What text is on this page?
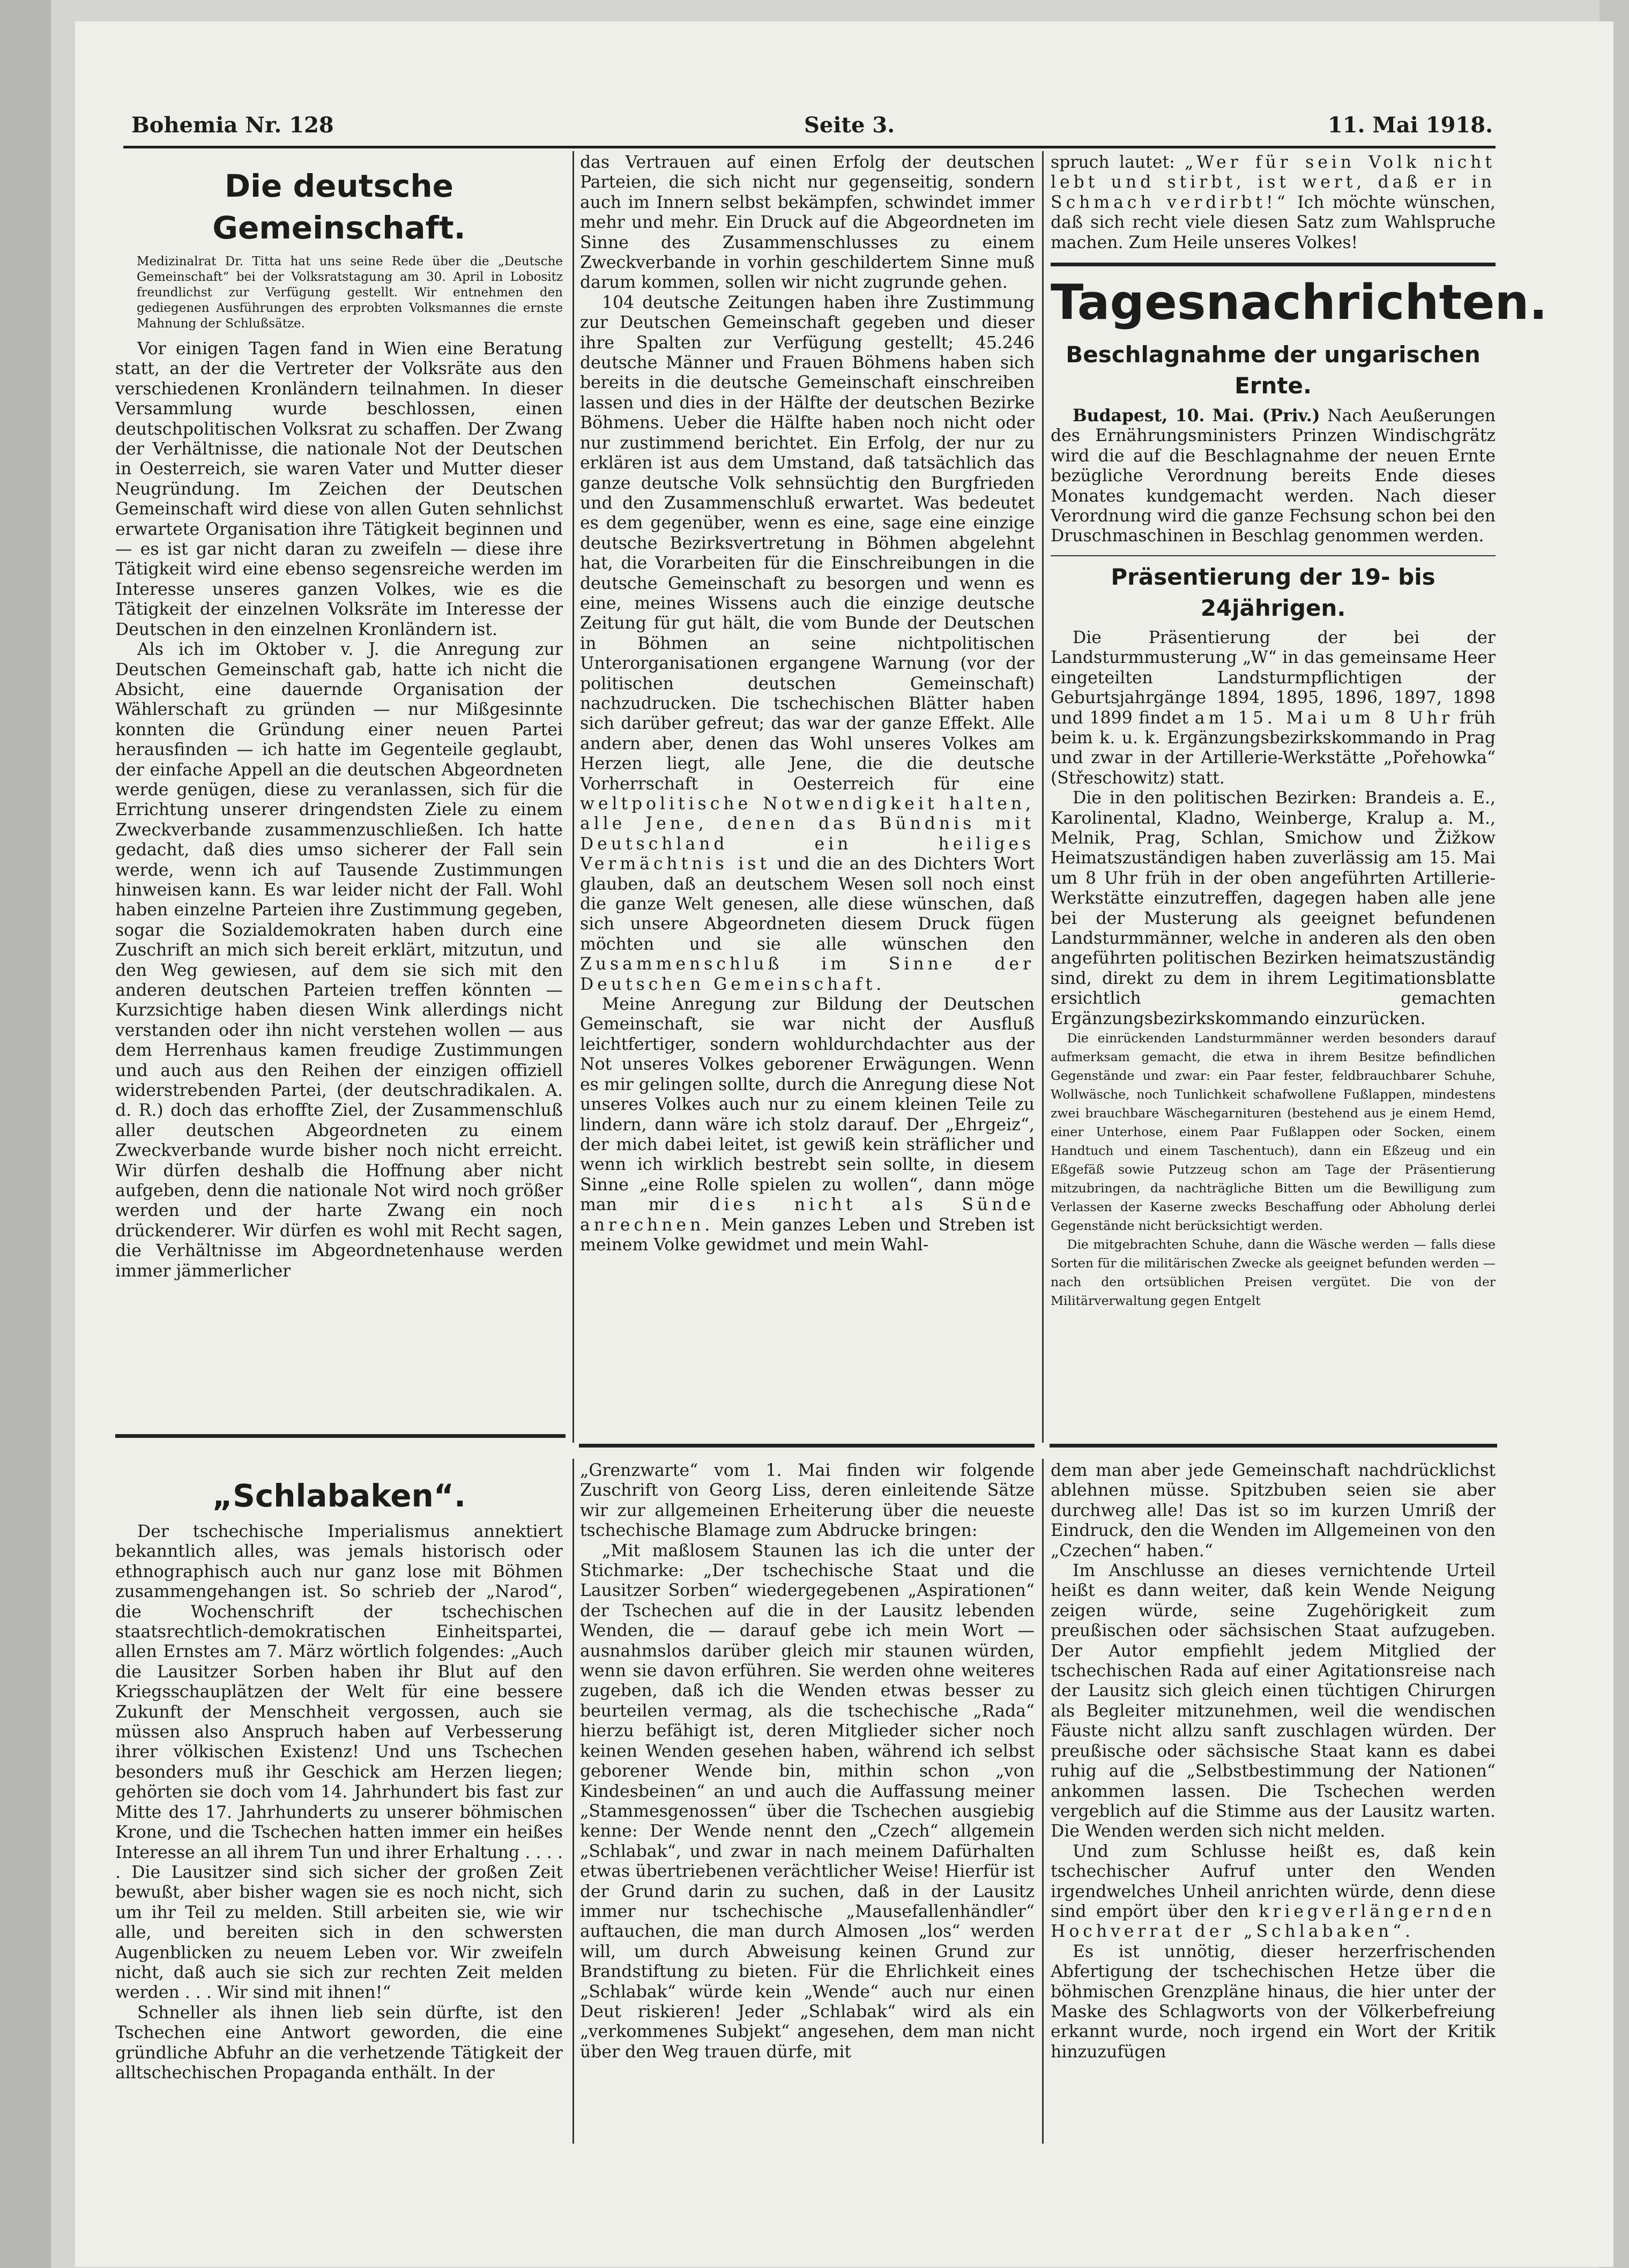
Bohemia Nr. 128	Seite 3.	11. Mai 1918.
Die deutsche Gemeinschaft.
Medizinalrat Dr. Titta hat uns seine Rede über die „Deutsche Gemeinschaft“ bei der Volksratstagung am 30. April in Lobositz freundlichst zur Verfügung gestellt. Wir entnehmen den gediegenen Ausführungen des erprobten Volksmannes die ernste Mahnung der Schlußsätze.

Vor einigen Tagen fand in Wien eine Beratung statt, an der die Vertreter der Volksräte aus den verschiedenen Kronländern teilnahmen. In dieser Versammlung wurde beschlossen, einen deutschpolitischen Volksrat zu schaffen. Der Zwang der Verhältnisse, die nationale Not der Deutschen in Oesterreich, sie waren Vater und Mutter dieser Neugründung. Im Zeichen der Deutschen Gemeinschaft wird diese von allen Guten sehnlichst erwartete Organisation ihre Tätigkeit beginnen und — es ist gar nicht daran zu zweifeln — diese ihre Tätigkeit wird eine ebenso segensreiche werden im Interesse unseres ganzen Volkes, wie es die Tätigkeit der einzelnen Volksräte im Interesse der Deutschen in den einzelnen Kronländern ist.

Als ich im Oktober v. J. die Anregung zur Deutschen Gemeinschaft gab, hatte ich nicht die Absicht, eine dauernde Organisation der Wählerschaft zu gründen — nur Mißgesinnte konnten die Gründung einer neuen Partei herausfinden — ich hatte im Gegenteile geglaubt, der einfache Appell an die deutschen Abgeordneten werde genügen, diese zu veranlassen, sich für die Errichtung unserer dringendsten Ziele zu einem Zweckverbande zusammenzuschließen. Ich hatte gedacht, daß dies umso sicherer der Fall sein werde, wenn ich auf Tausende Zustimmungen hinweisen kann. Es war leider nicht der Fall. Wohl haben einzelne Parteien ihre Zustimmung gegeben, sogar die Sozialdemokraten haben durch eine Zuschrift an mich sich bereit erklärt, mitzutun, und den Weg gewiesen, auf dem sie sich mit den anderen deutschen Parteien treffen könnten — Kurzsichtige haben diesen Wink allerdings nicht verstanden oder ihn nicht verstehen wollen — aus dem Herrenhaus kamen freudige Zustimmungen und auch aus den Reihen der einzigen offiziell widerstrebenden Partei, (der deutschradikalen. A. d. R.) doch das erhoffte Ziel, der Zusammenschluß aller deutschen Abgeordneten zu einem Zweckverbande wurde bisher noch nicht erreicht. Wir dürfen deshalb die Hoffnung aber nicht aufgeben, denn die nationale Not wird noch größer werden und der harte Zwang ein noch drückenderer. Wir dürfen es wohl mit Recht sagen, die Verhältnisse im Abgeordnetenhause werden immer jämmerlicher

das Vertrauen auf einen Erfolg der deutschen Parteien, die sich nicht nur gegenseitig, sondern auch im Innern selbst bekämpfen, schwindet immer mehr und mehr. Ein Druck auf die Abgeordneten im Sinne des Zusammenschlusses zu einem Zweckverbande in vorhin geschildertem Sinne muß darum kommen, sollen wir nicht zugrunde gehen.

104 deutsche Zeitungen haben ihre Zustimmung zur Deutschen Gemeinschaft gegeben und dieser ihre Spalten zur Verfügung gestellt; 45.246 deutsche Männer und Frauen Böhmens haben sich bereits in die deutsche Gemeinschaft einschreiben lassen und dies in der Hälfte der deutschen Bezirke Böhmens. Ueber die Hälfte haben noch nicht oder nur zustimmend berichtet. Ein Erfolg, der nur zu erklären ist aus dem Umstand, daß tatsächlich das ganze deutsche Volk sehnsüchtig den Burgfrieden und den Zusammenschluß erwartet. Was bedeutet es dem gegenüber, wenn es eine, sage eine einzige deutsche Bezirksvertretung in Böhmen abgelehnt hat, die Vorarbeiten für die Einschreibungen in die deutsche Gemeinschaft zu besorgen und wenn es eine, meines Wissens auch die einzige deutsche Zeitung für gut hält, die vom Bunde der Deutschen in Böhmen an seine nichtpolitischen Unterorganisationen ergangene Warnung (vor der politischen deutschen Gemeinschaft) nachzudrucken. Die tschechischen Blätter haben sich darüber gefreut; das war der ganze Effekt. Alle andern aber, denen das Wohl unseres Volkes am Herzen liegt, alle Jene, die die deutsche Vorherrschaft in Oesterreich für eine weltpolitische Notwendigkeit halten, alle Jene, denen das Bündnis mit Deutschland ein heiliges Vermächtnis ist und die an des Dichters Wort glauben, daß an deutschem Wesen soll noch einst die ganze Welt genesen, alle diese wünschen, daß sich unsere Abgeordneten diesem Druck fügen möchten und sie alle wünschen den Zusammenschluß im Sinne der Deutschen Gemeinschaft.

Meine Anregung zur Bildung der Deutschen Gemeinschaft, sie war nicht der Ausfluß leichtfertiger, sondern wohldurchdachter aus der Not unseres Volkes geborener Erwägungen. Wenn es mir gelingen sollte, durch die Anregung diese Not unseres Volkes auch nur zu einem kleinen Teile zu lindern, dann wäre ich stolz darauf. Der „Ehrgeiz“, der mich dabei leitet, ist gewiß kein sträflicher und wenn ich wirklich bestrebt sein sollte, in diesem Sinne „eine Rolle spielen zu wollen“, dann möge man mir dies nicht als Sünde anrechnen. Mein ganzes Leben und Streben ist meinem Volke gewidmet und mein Wahl-

spruch lautet: „Wer für sein Volk nicht lebt und stirbt, ist wert, daß er in Schmach verdirbt!“ Ich möchte wünschen, daß sich recht viele diesen Satz zum Wahlspruche machen. Zum Heile unseres Volkes!

Tagesnachrichten.
Beschlagnahme der ungarischen Ernte.

Budapest, 10. Mai. (Priv.) Nach Aeußerungen des Ernährungsministers Prinzen Windischgrätz wird die auf die Beschlagnahme der neuen Ernte bezügliche Verordnung bereits Ende dieses Monates kundgemacht werden. Nach dieser Verordnung wird die ganze Fechsung schon bei den Druschmaschinen in Beschlag genommen werden.

Präsentierung der 19- bis 24jährigen.

Die Präsentierung der bei der Landsturmmusterung „W“ in das gemeinsame Heer eingeteilten Landsturmpflichtigen der Geburtsjahrgänge 1894, 1895, 1896, 1897, 1898 und 1899 findet am 15. Mai um 8 Uhr früh beim k. u. k. Ergänzungsbezirkskommando in Prag und zwar in der Artillerie-Werkstätte „Pořehowka“ (Střeschowitz) statt.

Die in den politischen Bezirken: Brandeis a. E., Karolinental, Kladno, Weinberge, Kralup a. M., Melnik, Prag, Schlan, Smichow und Žižkow Heimatszuständigen haben zuverlässig am 15. Mai um 8 Uhr früh in der oben angeführten Artillerie-Werkstätte einzutreffen, dagegen haben alle jene bei der Musterung als geeignet befundenen Landsturmmänner, welche in anderen als den oben angeführten politischen Bezirken heimatszuständig sind, direkt zu dem in ihrem Legitimationsblatte ersichtlich gemachten Ergänzungsbezirkskommando einzurücken.

Die einrückenden Landsturmmänner werden besonders darauf aufmerksam gemacht, die etwa in ihrem Besitze befindlichen Gegenstände und zwar: ein Paar fester, feldbrauchbarer Schuhe, Wollwäsche, noch Tunlichkeit schafwollene Fußlappen, mindestens zwei brauchbare Wäschegarnituren (bestehend aus je einem Hemd, einer Unterhose, einem Paar Fußlappen oder Socken, einem Handtuch und einem Taschentuch), dann ein Eßzeug und ein Eßgefäß sowie Putzzeug schon am Tage der Präsentierung mitzubringen, da nachträgliche Bitten um die Bewilligung zum Verlassen der Kaserne zwecks Beschaffung oder Abholung derlei Gegenstände nicht berücksichtigt werden.

Die mitgebrachten Schuhe, dann die Wäsche werden — falls diese Sorten für die militärischen Zwecke als geeignet befunden werden — nach den ortsüblichen Preisen vergütet. Die von der Militärverwaltung gegen Entgelt

„Schlabaken“.

Der tschechische Imperialismus annektiert bekanntlich alles, was jemals historisch oder ethnographisch auch nur ganz lose mit Böhmen zusammengehangen ist. So schrieb der „Narod“, die Wochenschrift der tschechischen staatsrechtlich-demokratischen Einheitspartei, allen Ernstes am 7. März wörtlich folgendes: „Auch die Lausitzer Sorben haben ihr Blut auf den Kriegsschauplätzen der Welt für eine bessere Zukunft der Menschheit vergossen, auch sie müssen also Anspruch haben auf Verbesserung ihrer völkischen Existenz! Und uns Tschechen besonders muß ihr Geschick am Herzen liegen; gehörten sie doch vom 14. Jahrhundert bis fast zur Mitte des 17. Jahrhunderts zu unserer böhmischen Krone, und die Tschechen hatten immer ein heißes Interesse an all ihrem Tun und ihrer Erhaltung . . . . . Die Lausitzer sind sich sicher der großen Zeit bewußt, aber bisher wagen sie es noch nicht, sich um ihr Teil zu melden. Still arbeiten sie, wie wir alle, und bereiten sich in den schwersten Augenblicken zu neuem Leben vor. Wir zweifeln nicht, daß auch sie sich zur rechten Zeit melden werden . . . Wir sind mit ihnen!“

Schneller als ihnen lieb sein dürfte, ist den Tschechen eine Antwort geworden, die eine gründliche Abfuhr an die verhetzende Tätigkeit der alltschechischen Propaganda enthält. In der

„Grenzwarte“ vom 1. Mai finden wir folgende Zuschrift von Georg Liss, deren einleitende Sätze wir zur allgemeinen Erheiterung über die neueste tschechische Blamage zum Abdrucke bringen:

„Mit maßlosem Staunen las ich die unter der Stichmarke: „Der tschechische Staat und die Lausitzer Sorben“ wiedergegebenen „Aspirationen“ der Tschechen auf die in der Lausitz lebenden Wenden, die — darauf gebe ich mein Wort — ausnahmslos darüber gleich mir staunen würden, wenn sie davon erführen. Sie werden ohne weiteres zugeben, daß ich die Wenden etwas besser zu beurteilen vermag, als die tschechische „Rada“ hierzu befähigt ist, deren Mitglieder sicher noch keinen Wenden gesehen haben, während ich selbst geborener Wende bin, mithin schon „von Kindesbeinen“ an und auch die Auffassung meiner „Stammesgenossen“ über die Tschechen ausgiebig kenne: Der Wende nennt den „Czech“ allgemein „Schlabak“, und zwar in nach meinem Dafürhalten etwas übertriebenen verächtlicher Weise! Hierfür ist der Grund darin zu suchen, daß in der Lausitz immer nur tschechische „Mausefallenhändler“ auftauchen, die man durch Almosen „los“ werden will, um durch Abweisung keinen Grund zur Brandstiftung zu bieten. Für die Ehrlichkeit eines „Schlabak“ würde kein „Wende“ auch nur einen Deut riskieren! Jeder „Schlabak“ wird als ein „verkommenes Subjekt“ angesehen, dem man nicht über den Weg trauen dürfe, mit

dem man aber jede Gemeinschaft nachdrücklichst ablehnen müsse. Spitzbuben seien sie aber durchweg alle! Das ist so im kurzen Umriß der Eindruck, den die Wenden im Allgemeinen von den „Czechen“ haben.“

Im Anschlusse an dieses vernichtende Urteil heißt es dann weiter, daß kein Wende Neigung zeigen würde, seine Zugehörigkeit zum preußischen oder sächsischen Staat aufzugeben. Der Autor empfiehlt jedem Mitglied der tschechischen Rada auf einer Agitationsreise nach der Lausitz sich gleich einen tüchtigen Chirurgen als Begleiter mitzunehmen, weil die wendischen Fäuste nicht allzu sanft zuschlagen würden. Der preußische oder sächsische Staat kann es dabei ruhig auf die „Selbstbestimmung der Nationen“ ankommen lassen. Die Tschechen werden vergeblich auf die Stimme aus der Lausitz warten. Die Wenden werden sich nicht melden.

Und zum Schlusse heißt es, daß kein tschechischer Aufruf unter den Wenden irgendwelches Unheil anrichten würde, denn diese sind empört über den kriegverlängernden Hochverrat der „Schlabaken“.

Es ist unnötig, dieser herzerfrischenden Abfertigung der tschechischen Hetze über die böhmischen Grenzpläne hinaus, die hier unter der Maske des Schlagworts von der Völkerbefreiung erkannt wurde, noch irgend ein Wort der Kritik hinzuzufügen
